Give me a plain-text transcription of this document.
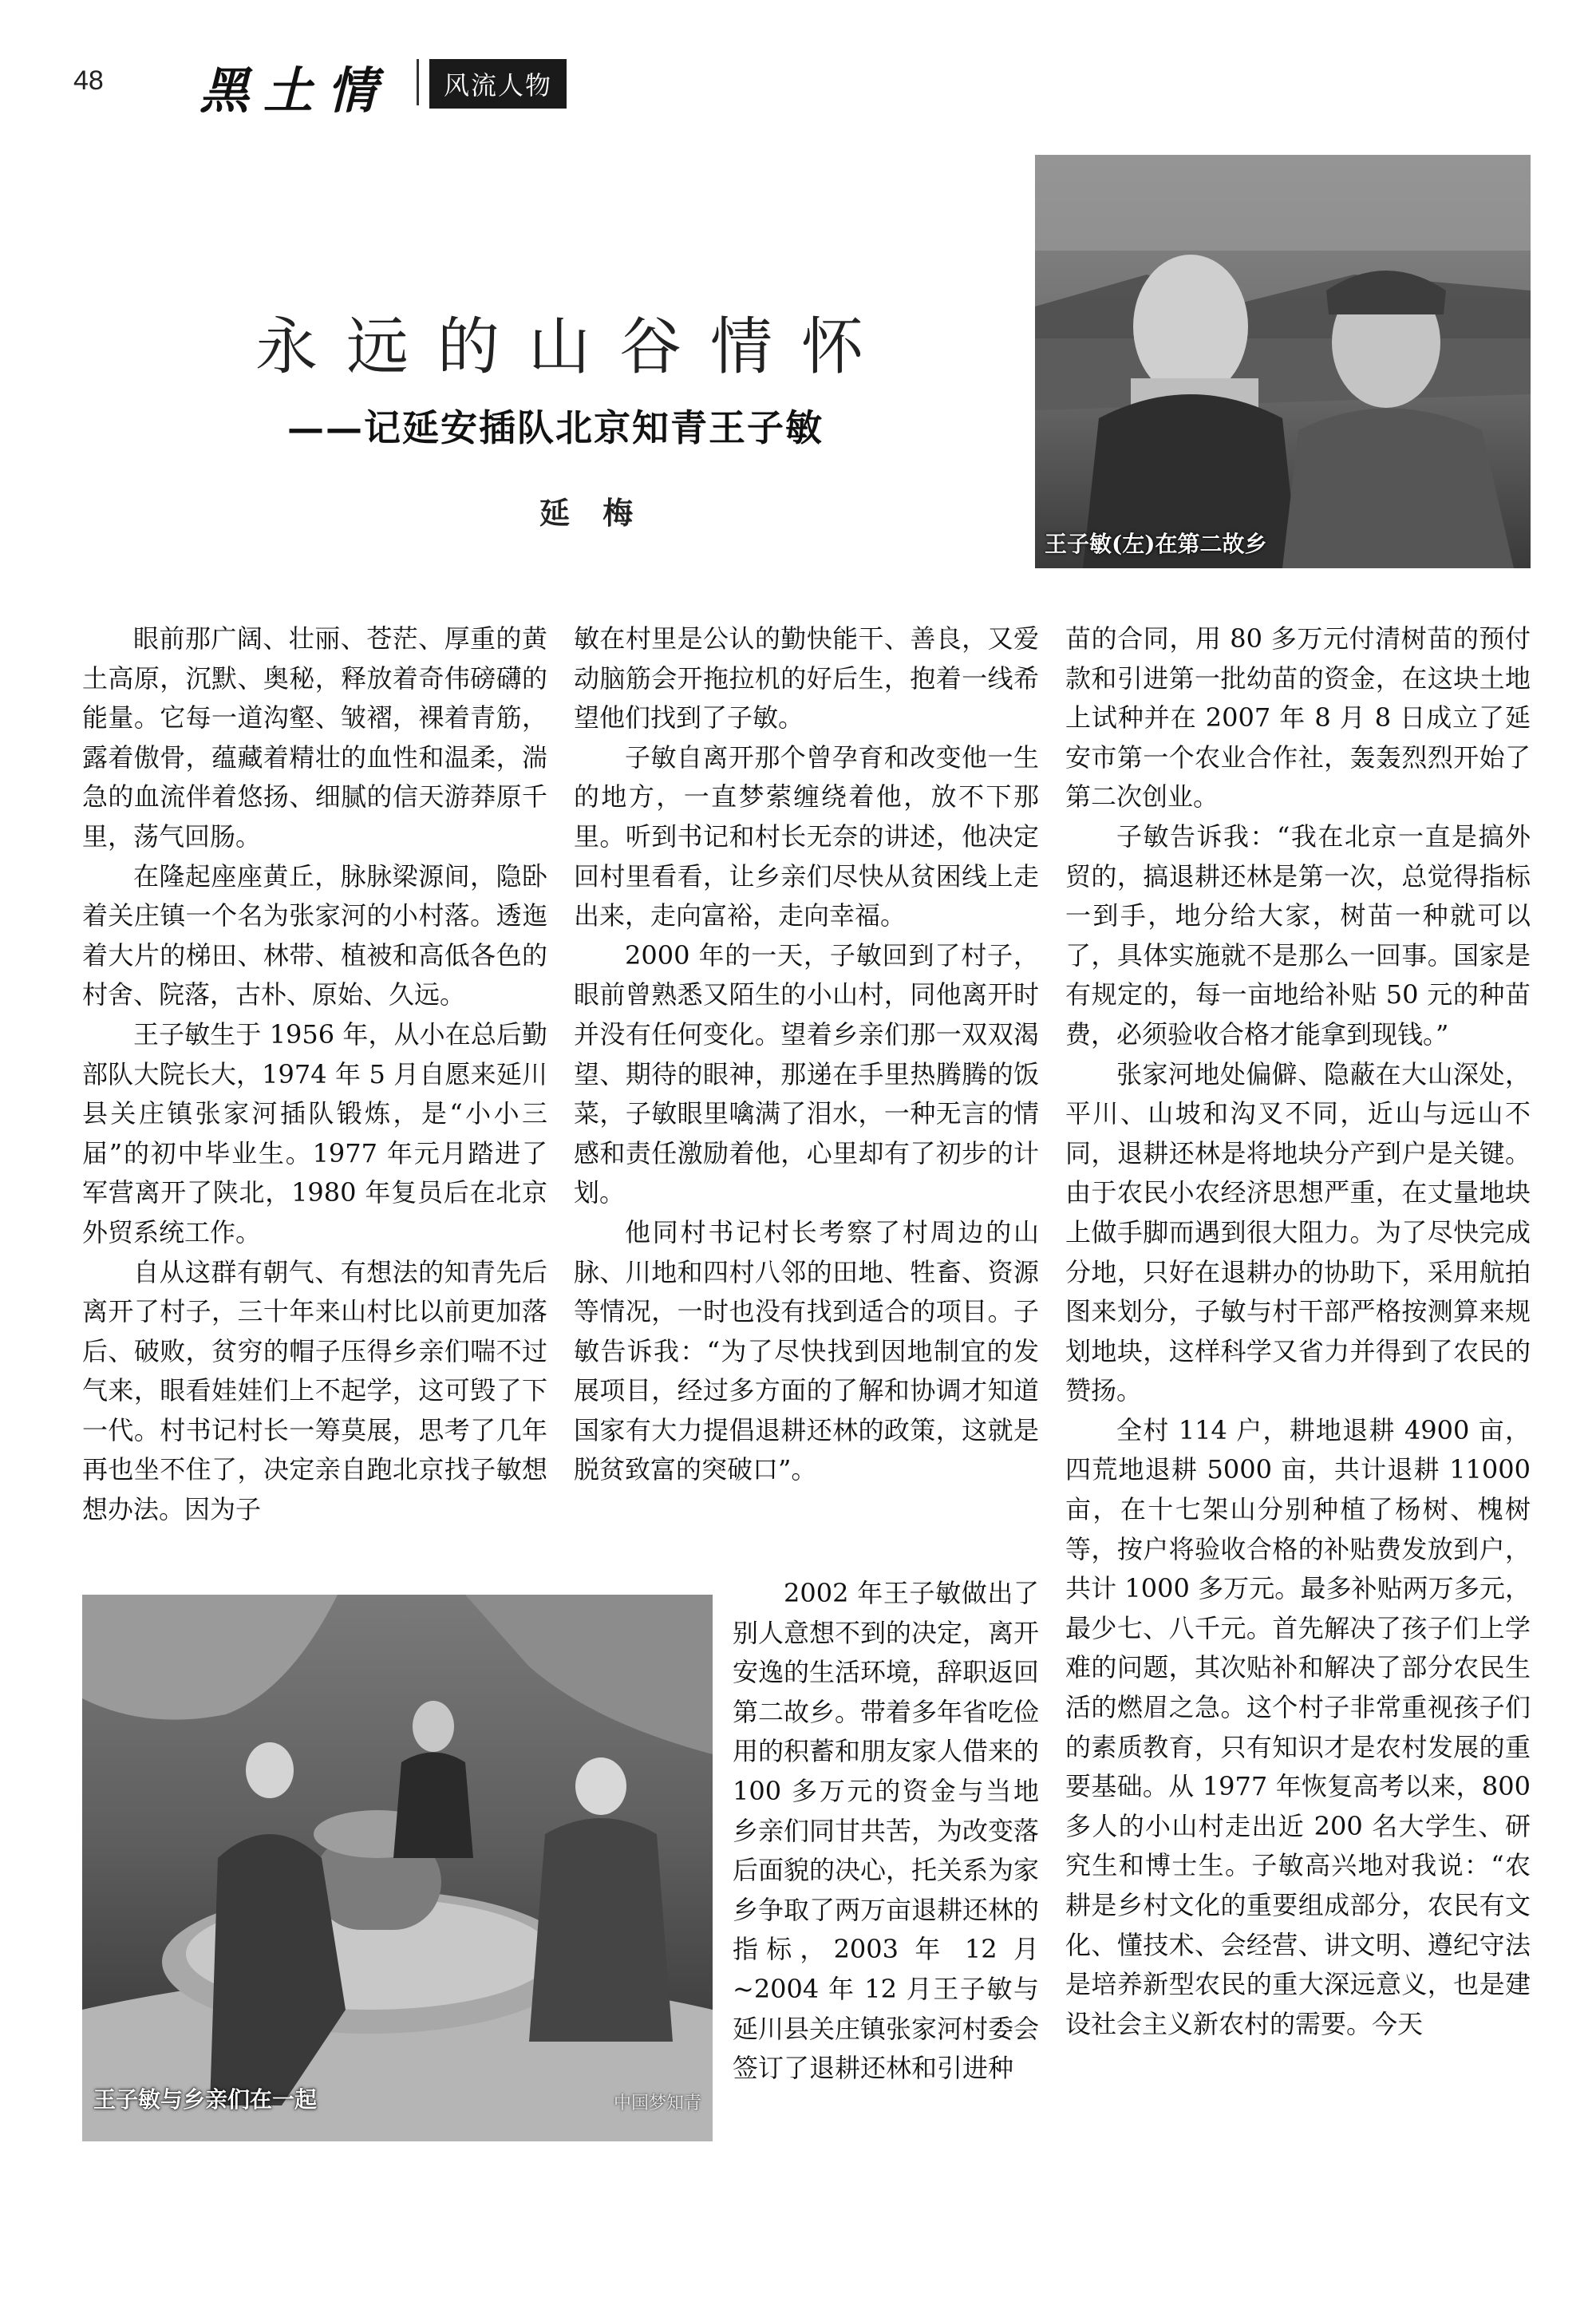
48 黑土情	风流人物
王子敏(左)在第二故乡
永远的山谷情怀
——记延安插队北京知青王子敏
延 梅

眼前那广阔、壮丽、苍茫、厚重的黄土高原，沉默、奥秘，释放着奇伟磅礴的能量。它每一道沟壑、皱褶，裸着青筋，露着傲骨，蕴藏着精壮的血性和温柔，湍急的血流伴着悠扬、细腻的信天游莽原千里，荡气回肠。

在隆起座座黄丘，脉脉梁源间，隐卧着关庄镇一个名为张家河的小村落。透迤着大片的梯田、林带、植被和高低各色的村舍、院落，古朴、原始、久远。

王子敏生于 1956 年，从小在总后勤部队大院长大，1974 年 5 月自愿来延川县关庄镇张家河插队锻炼，是“小小三届”的初中毕业生。1977 年元月踏进了军营离开了陕北，1980 年复员后在北京外贸系统工作。

自从这群有朝气、有想法的知青先后离开了村子，三十年来山村比以前更加落后、破败，贫穷的帽子压得乡亲们喘不过气来，眼看娃娃们上不起学，这可毁了下一代。村书记村长一筹莫展，思考了几年再也坐不住了，决定亲自跑北京找子敏想想办法。因为子

敏在村里是公认的勤快能干、善良，又爱动脑筋会开拖拉机的好后生，抱着一线希望他们找到了子敏。

子敏自离开那个曾孕育和改变他一生的地方，一直梦萦缠绕着他，放不下那里。听到书记和村长无奈的讲述，他决定回村里看看，让乡亲们尽快从贫困线上走出来，走向富裕，走向幸福。

2000 年的一天，子敏回到了村子，眼前曾熟悉又陌生的小山村，同他离开时并没有任何变化。望着乡亲们那一双双渴望、期待的眼神，那递在手里热腾腾的饭菜，子敏眼里噙满了泪水，一种无言的情感和责任激励着他，心里却有了初步的计划。

他同村书记村长考察了村周边的山脉、川地和四村八邻的田地、牲畜、资源等情况，一时也没有找到适合的项目。子敏告诉我：“为了尽快找到因地制宜的发展项目，经过多方面的了解和协调才知道国家有大力提倡退耕还林的政策，这就是脱贫致富的突破口”。

2002 年王子敏做出了别人意想不到的决定，离开安逸的生活环境，辞职返回第二故乡。带着多年省吃俭用的积蓄和朋友家人借来的 100 多万元的资金与当地乡亲们同甘共苦，为改变落后面貌的决心，托关系为家乡争取了两万亩退耕还林的指标，2003 年 12 月~2004 年 12 月王子敏与延川县关庄镇张家河村委会签订了退耕还林和引进种

苗的合同，用 80 多万元付清树苗的预付款和引进第一批幼苗的资金，在这块土地上试种并在 2007 年 8 月 8 日成立了延安市第一个农业合作社，轰轰烈烈开始了第二次创业。

子敏告诉我：“我在北京一直是搞外贸的，搞退耕还林是第一次，总觉得指标一到手，地分给大家，树苗一种就可以了，具体实施就不是那么一回事。国家是有规定的，每一亩地给补贴 50 元的种苗费，必须验收合格才能拿到现钱。”

张家河地处偏僻、隐蔽在大山深处，平川、山坡和沟叉不同，近山与远山不同，退耕还林是将地块分产到户是关键。由于农民小农经济思想严重，在丈量地块上做手脚而遇到很大阻力。为了尽快完成分地，只好在退耕办的协助下，采用航拍图来划分，子敏与村干部严格按测算来规划地块，这样科学又省力并得到了农民的赞扬。

全村 114 户，耕地退耕 4900 亩，四荒地退耕 5000 亩，共计退耕 11000 亩，在十七架山分别种植了杨树、槐树等，按户将验收合格的补贴费发放到户，共计 1000 多万元。最多补贴两万多元，最少七、八千元。首先解决了孩子们上学难的问题，其次贴补和解决了部分农民生活的燃眉之急。这个村子非常重视孩子们的素质教育，只有知识才是农村发展的重要基础。从 1977 年恢复高考以来，800 多人的小山村走出近 200 名大学生、研究生和博士生。子敏高兴地对我说：“农耕是乡村文化的重要组成部分，农民有文化、懂技术、会经营、讲文明、遵纪守法是培养新型农民的重大深远意义，也是建设社会主义新农村的需要。今天

王子敏与乡亲们在一起	中国梦知青
